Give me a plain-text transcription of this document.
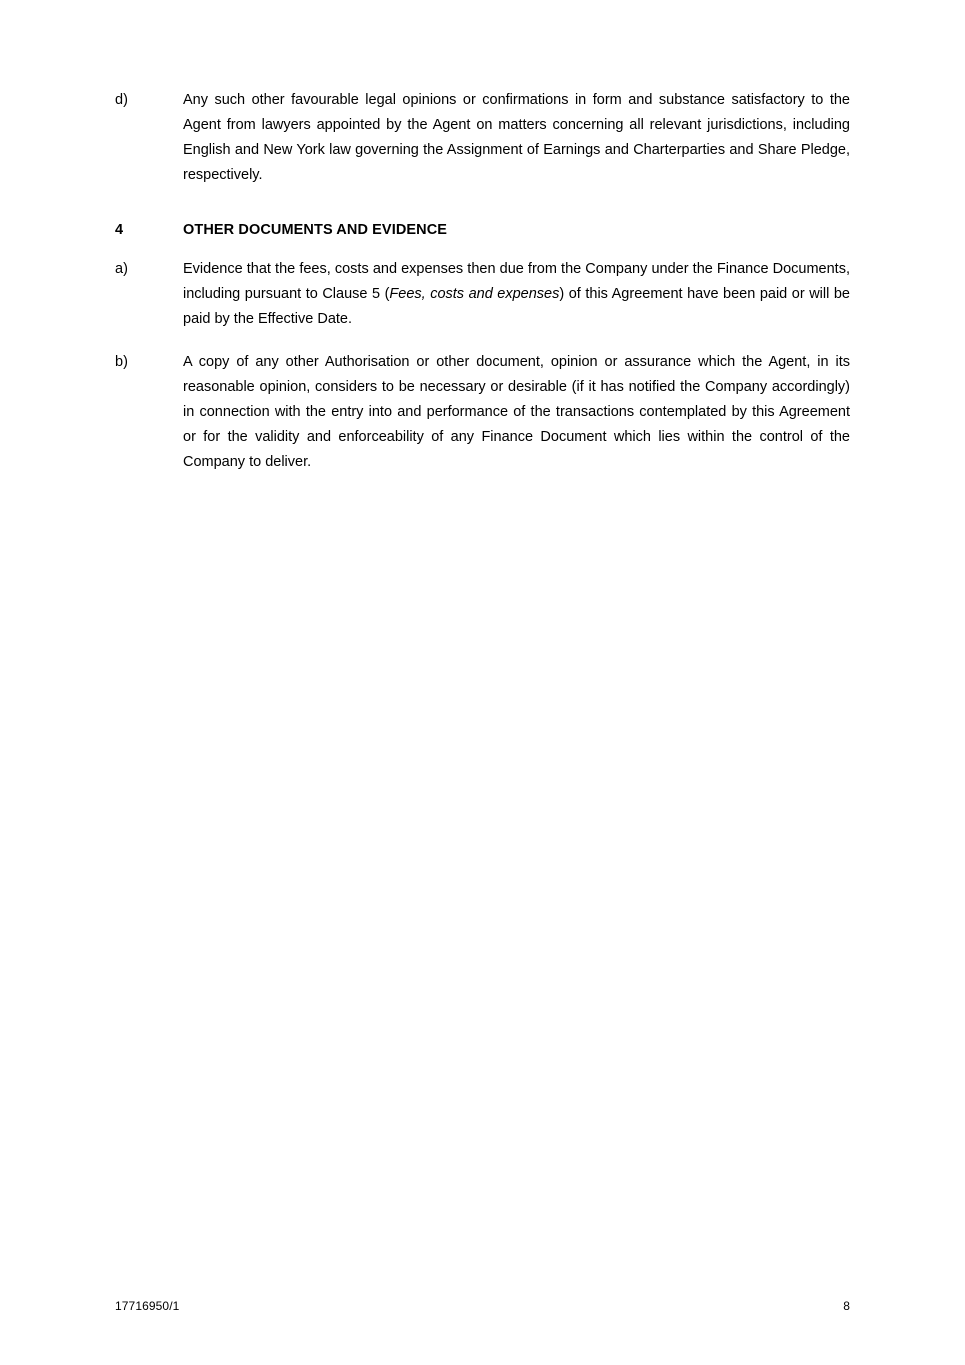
d)	Any such other favourable legal opinions or confirmations in form and substance satisfactory to the Agent from lawyers appointed by the Agent on matters concerning all relevant jurisdictions, including English and New York law governing the Assignment of Earnings and Charterparties and Share Pledge, respectively.
4	OTHER DOCUMENTS AND EVIDENCE
a)	Evidence that the fees, costs and expenses then due from the Company under the Finance Documents, including pursuant to Clause 5 (Fees, costs and expenses) of this Agreement have been paid or will be paid by the Effective Date.
b)	A copy of any other Authorisation or other document, opinion or assurance which the Agent, in its reasonable opinion, considers to be necessary or desirable (if it has notified the Company accordingly) in connection with the entry into and performance of the transactions contemplated by this Agreement or for the validity and enforceability of any Finance Document which lies within the control of the Company to deliver.
17716950/1	8
